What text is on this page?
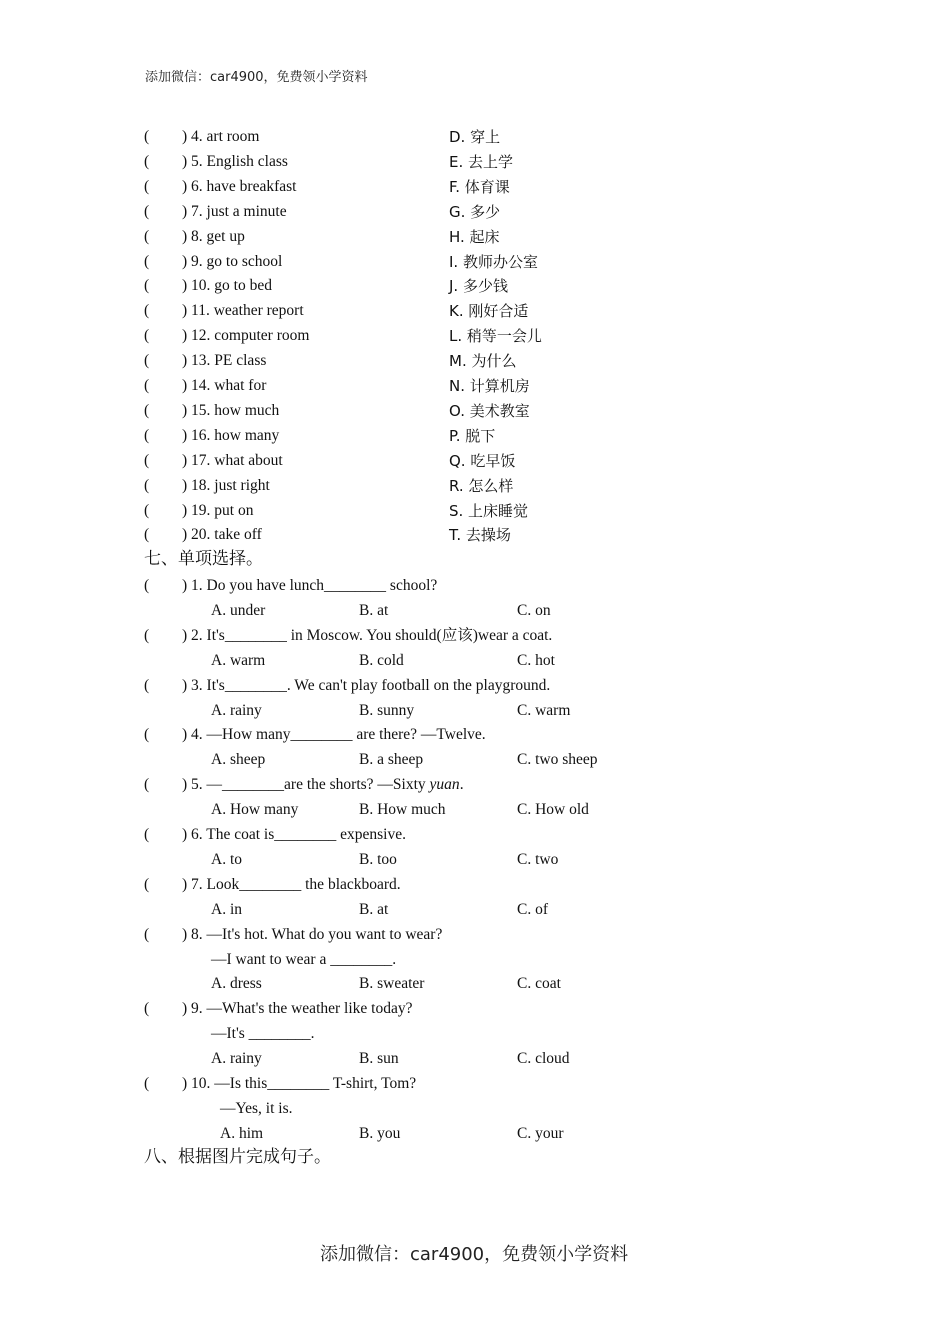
添加微信：car4900，免费领小学资料
( ) 4. art room	D. 穿上
( ) 5. English class	E. 去上学
( ) 6. have breakfast	F. 体育课
( ) 7. just a minute	G. 多少
( ) 8. get up	H. 起床
( ) 9. go to school	I. 教师办公室
( ) 10. go to bed	J. 多少钱
( ) 11. weather report	K. 刚好合适
( ) 12. computer room	L. 稍等一会儿
( ) 13. PE class	M. 为什么
( ) 14. what for	N. 计算机房
( ) 15. how much	O. 美术教室
( ) 16. how many	P. 脱下
( ) 17. what about	Q. 吃早饭
( ) 18. just right	R. 怎么样
( ) 19. put on	S. 上床睡觉
( ) 20. take off	T. 去操场
七、单项选择。
( ) 1. Do you have lunch________ school?
A. under	B. at	C. on
( ) 2. It's________ in Moscow. You should(应该)wear a coat.
A. warm	B. cold	C. hot
( ) 3. It's________. We can't play football on the playground.
A. rainy	B. sunny	C. warm
( ) 4. —How many________ are there? —Twelve.
A. sheep	B. a sheep	C. two sheep
( ) 5. —________are the shorts? —Sixty yuan.
A. How many	B. How much	C. How old
( ) 6. The coat is________ expensive.
A. to	B. too	C. two
( ) 7. Look________ the blackboard.
A. in	B. at	C. of
( ) 8. —It's hot. What do you want to wear?
—I want to wear a ________.
A. dress	B. sweater	C. coat
( ) 9. —What's the weather like today?
—It's ________.
A. rainy	B. sun	C. cloud
( ) 10. —Is this________ T-shirt, Tom?
—Yes, it is.
A. him	B. you	C. your
八、根据图片完成句子。
添加微信：car4900，免费领小学资料
